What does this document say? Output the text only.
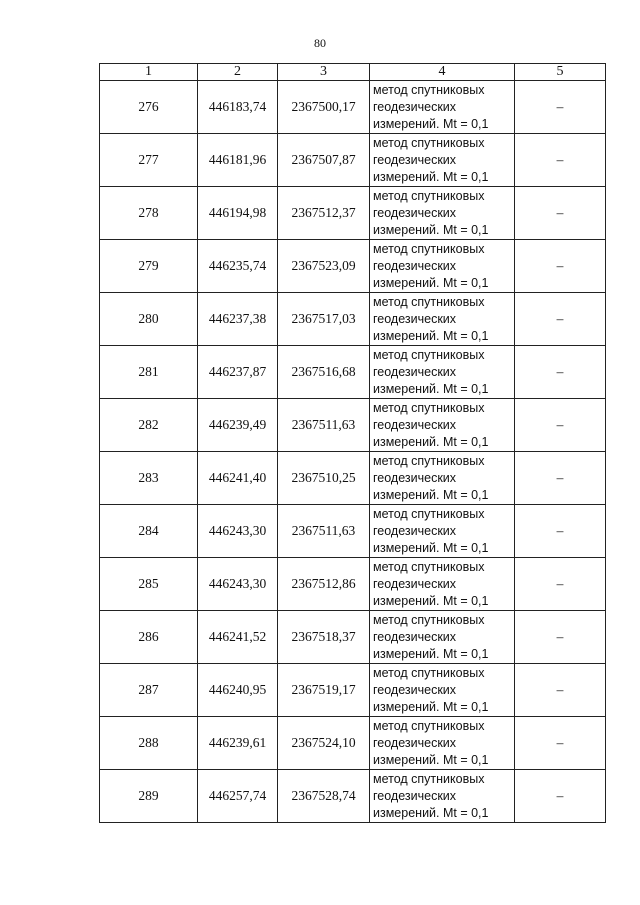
80
1	2	3	4	5
276	446183,74	2367500,17	метод спутниковых
геодезических
измерений. Mt = 0,1	–
277	446181,96	2367507,87	метод спутниковых
геодезических
измерений. Mt = 0,1	–
278	446194,98	2367512,37	метод спутниковых
геодезических
измерений. Mt = 0,1	–
279	446235,74	2367523,09	метод спутниковых
геодезических
измерений. Mt = 0,1	–
280	446237,38	2367517,03	метод спутниковых
геодезических
измерений. Mt = 0,1	–
281	446237,87	2367516,68	метод спутниковых
геодезических
измерений. Mt = 0,1	–
282	446239,49	2367511,63	метод спутниковых
геодезических
измерений. Mt = 0,1	–
283	446241,40	2367510,25	метод спутниковых
геодезических
измерений. Mt = 0,1	–
284	446243,30	2367511,63	метод спутниковых
геодезических
измерений. Mt = 0,1	–
285	446243,30	2367512,86	метод спутниковых
геодезических
измерений. Mt = 0,1	–
286	446241,52	2367518,37	метод спутниковых
геодезических
измерений. Mt = 0,1	–
287	446240,95	2367519,17	метод спутниковых
геодезических
измерений. Mt = 0,1	–
288	446239,61	2367524,10	метод спутниковых
геодезических
измерений. Mt = 0,1	–
289	446257,74	2367528,74	метод спутниковых
геодезических
измерений. Mt = 0,1	–
